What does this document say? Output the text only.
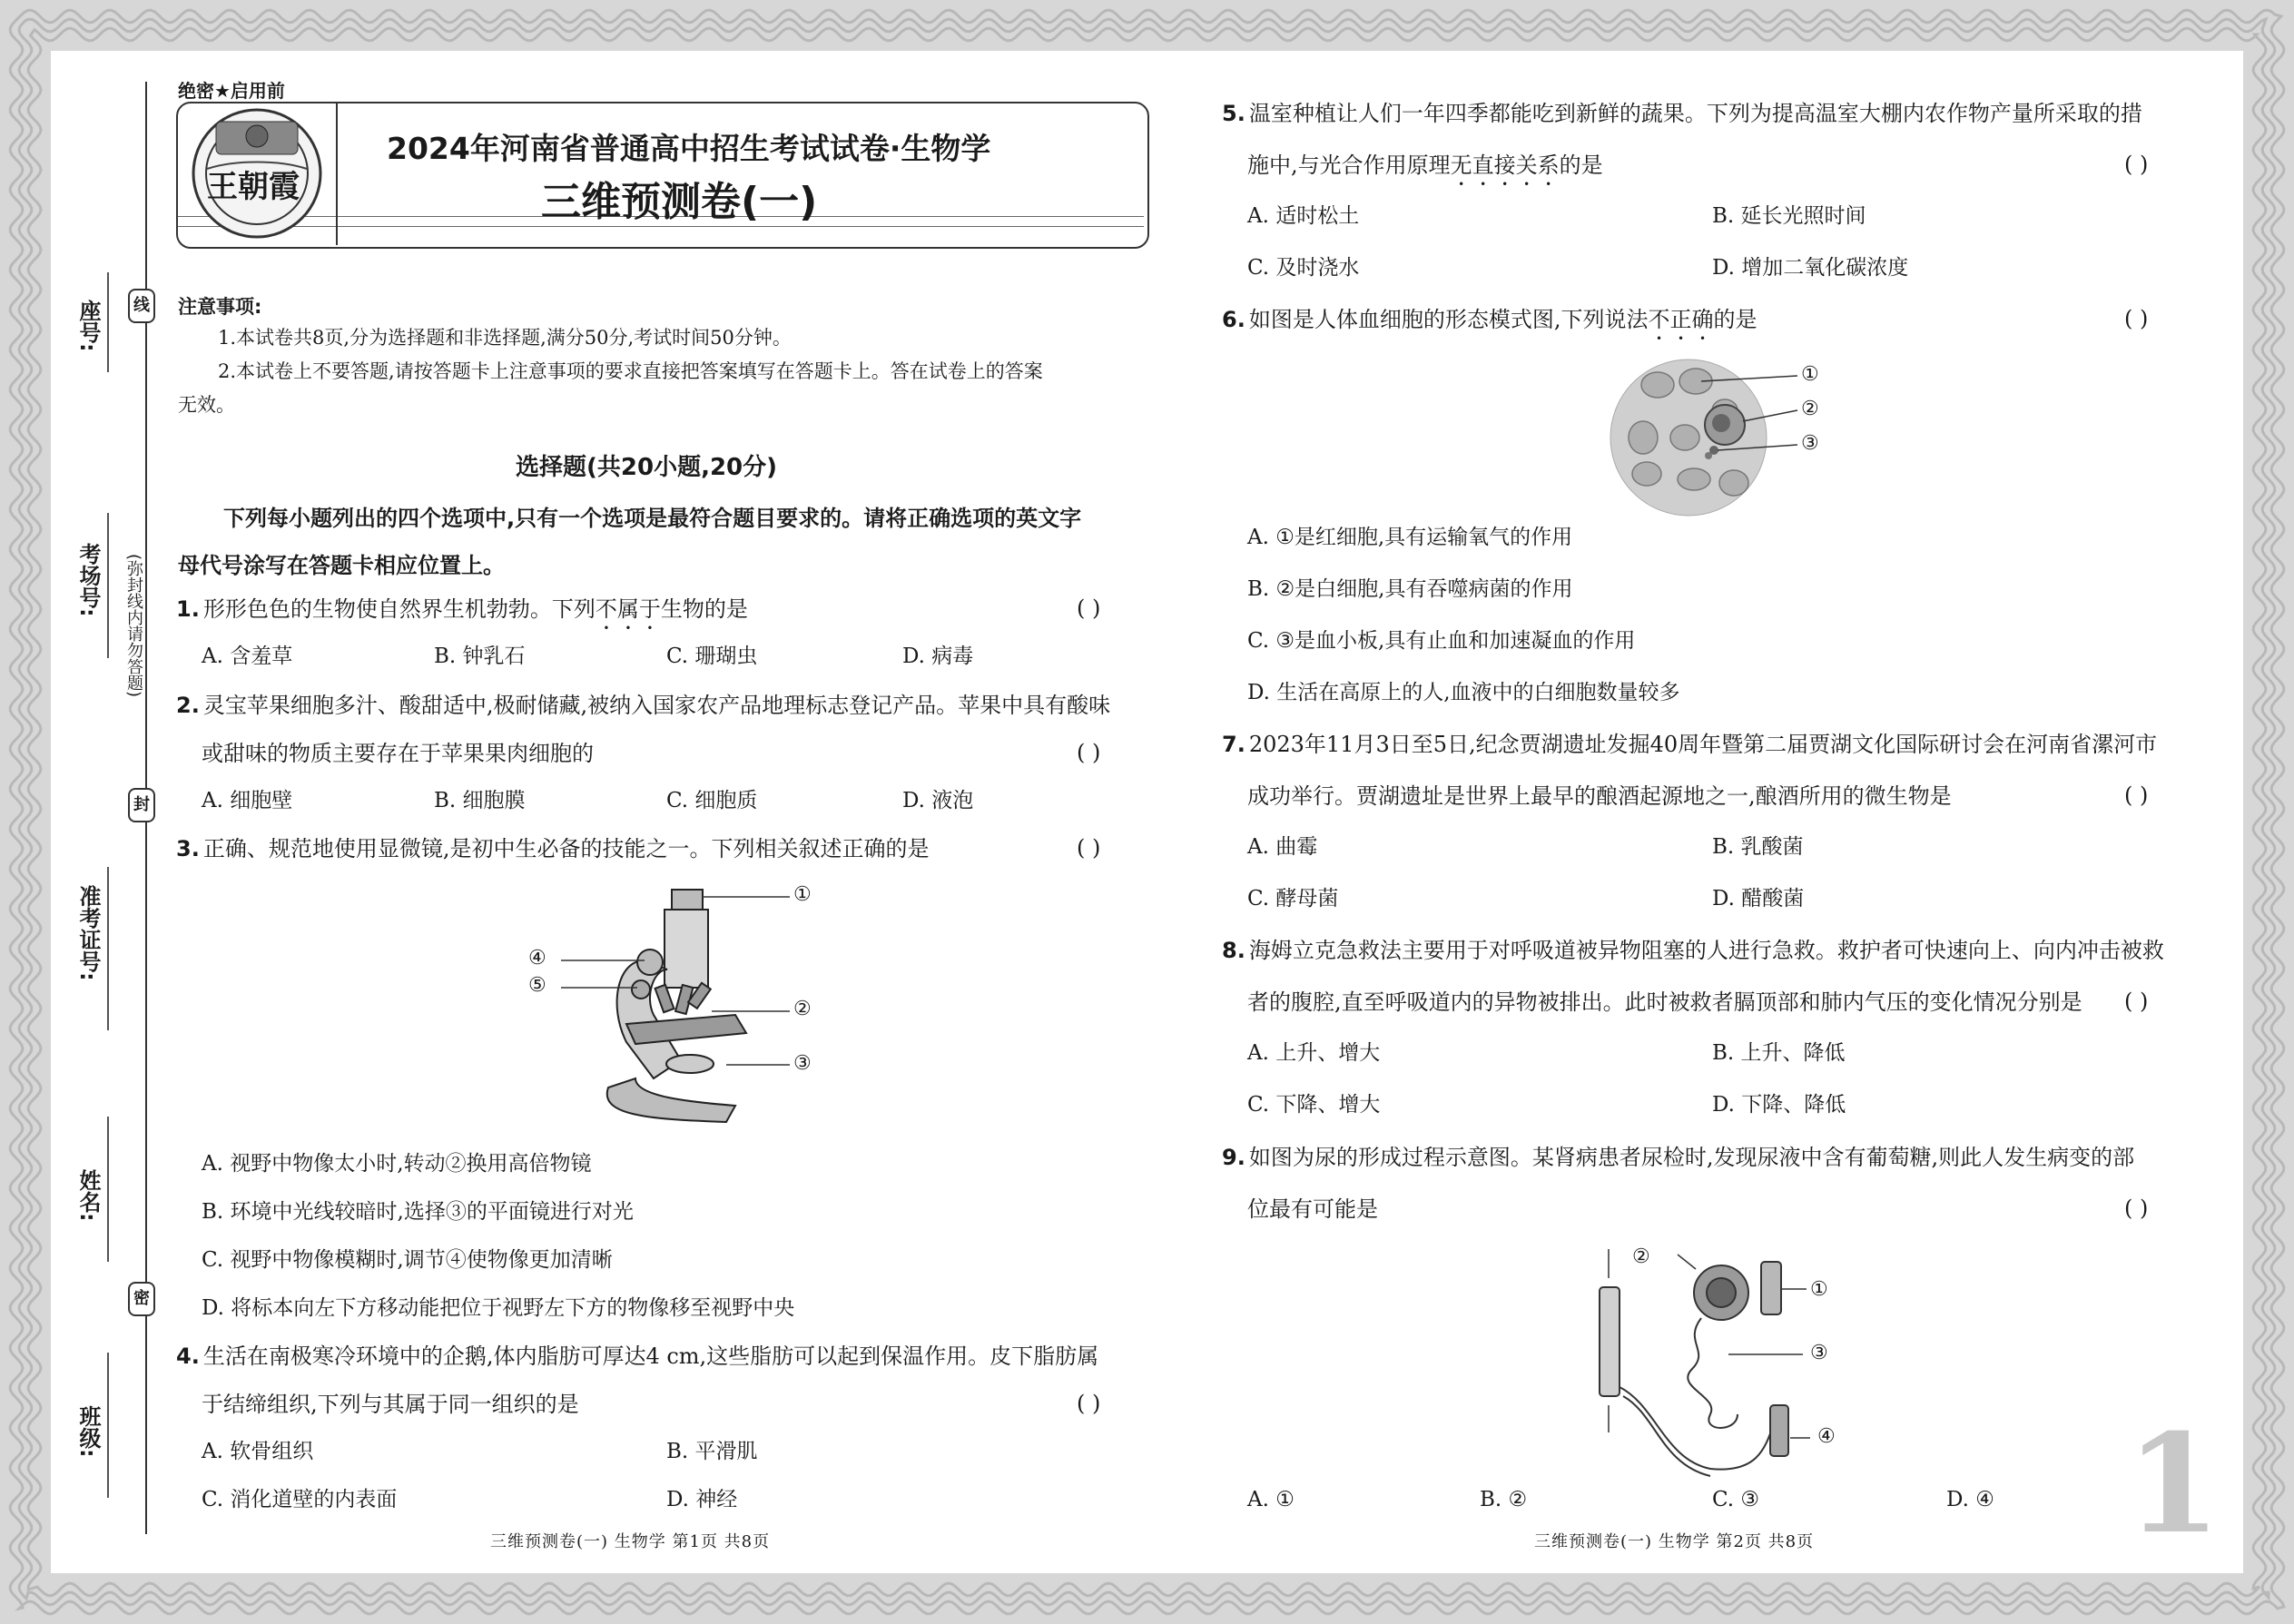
座号:
考场号:
准考证号:
姓名:
班级:
线
封
密
(弥封线内请勿答题)
绝密★启用前
王朝霞
2024年河南省普通高中招生考试试卷·生物学
三维预测卷(一)
注意事项:
1.本试卷共8页,分为选择题和非选择题,满分50分,考试时间50分钟。
2.本试卷上不要答题,请按答题卡上注意事项的要求直接把答案填写在答题卡上。答在试卷上的答案
无效。
选择题(共20小题,20分)
下列每小题列出的四个选项中,只有一个选项是最符合题目要求的。请将正确选项的英文字
母代号涂写在答题卡相应位置上。
1. 形形色色的生物使自然界生机勃勃。下列不属于生物的是	( )
A. 含羞草	B. 钟乳石	C. 珊瑚虫	D. 病毒
2. 灵宝苹果细胞多汁、酸甜适中,极耐储藏,被纳入国家农产品地理标志登记产品。苹果中具有酸味
或甜味的物质主要存在于苹果果肉细胞的	( )
A. 细胞壁	B. 细胞膜	C. 细胞质	D. 液泡
3. 正确、规范地使用显微镜,是初中生必备的技能之一。下列相关叙述正确的是	( )
①
②
③
④
⑤
A. 视野中物像太小时,转动②换用高倍物镜
B. 环境中光线较暗时,选择③的平面镜进行对光
C. 视野中物像模糊时,调节④使物像更加清晰
D. 将标本向左下方移动能把位于视野左下方的物像移至视野中央
4. 生活在南极寒冷环境中的企鹅,体内脂肪可厚达4 cm,这些脂肪可以起到保温作用。皮下脂肪属
于结缔组织,下列与其属于同一组织的是	( )
A. 软骨组织	B. 平滑肌
C. 消化道壁的内表面	D. 神经
三维预测卷(一) 生物学 第1页 共8页
5. 温室种植让人们一年四季都能吃到新鲜的蔬果。下列为提高温室大棚内农作物产量所采取的措
施中,与光合作用原理无直接关系的是	( )
A. 适时松土	B. 延长光照时间
C. 及时浇水	D. 增加二氧化碳浓度
6. 如图是人体血细胞的形态模式图,下列说法不正确的是	( )
①
②
③
A. ①是红细胞,具有运输氧气的作用
B. ②是白细胞,具有吞噬病菌的作用
C. ③是血小板,具有止血和加速凝血的作用
D. 生活在高原上的人,血液中的白细胞数量较多
7. 2023年11月3日至5日,纪念贾湖遗址发掘40周年暨第二届贾湖文化国际研讨会在河南省漯河市
成功举行。贾湖遗址是世界上最早的酿酒起源地之一,酿酒所用的微生物是	( )
A. 曲霉	B. 乳酸菌
C. 酵母菌	D. 醋酸菌
8. 海姆立克急救法主要用于对呼吸道被异物阻塞的人进行急救。救护者可快速向上、向内冲击被救
者的腹腔,直至呼吸道内的异物被排出。此时被救者膈顶部和肺内气压的变化情况分别是 ( )
A. 上升、增大	B. 上升、降低
C. 下降、增大	D. 下降、降低
9. 如图为尿的形成过程示意图。某肾病患者尿检时,发现尿液中含有葡萄糖,则此人发生病变的部
位最有可能是	( )
①
②
③
④
A. ①	B. ②	C. ③	D. ④ 1
三维预测卷(一) 生物学 第2页 共8页
